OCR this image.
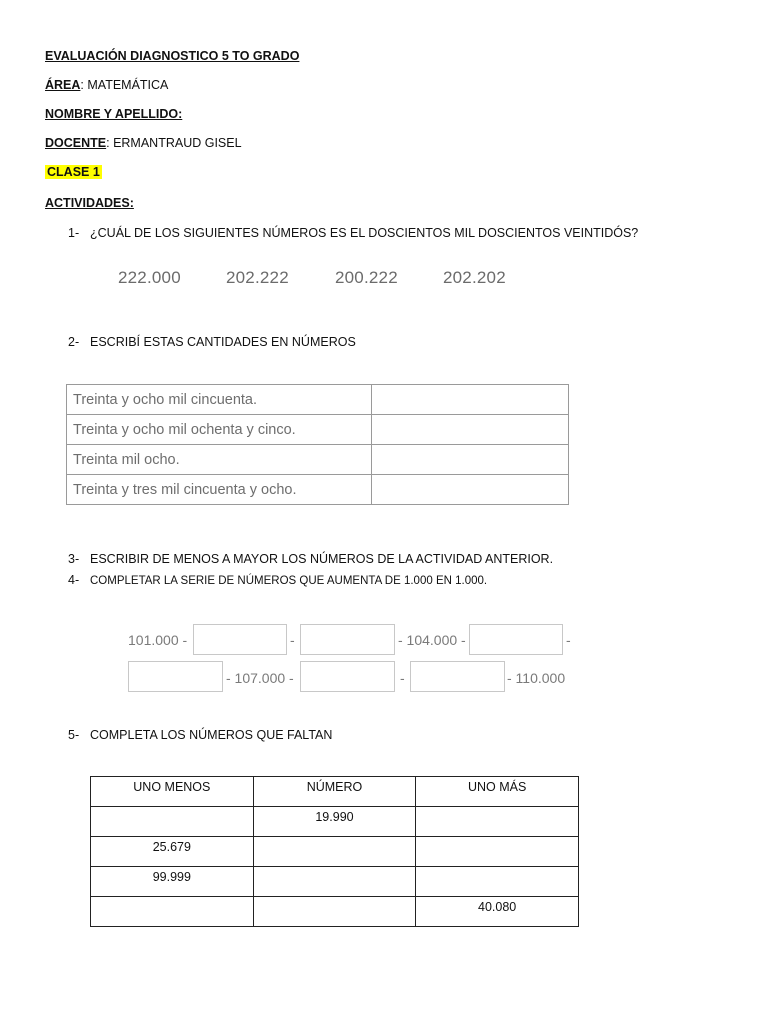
EVALUACIÓN DIAGNOSTICO 5 TO GRADO
ÁREA: MATEMÁTICA
NOMBRE Y APELLIDO:
DOCENTE: ERMANTRAUD GISEL
CLASE 1
ACTIVIDADES:
1- ¿CUÁL DE LOS SIGUIENTES NÚMEROS ES EL DOSCIENTOS MIL DOSCIENTOS VEINTIDÓS?
222.000	202.222	200.222	202.202
2- ESCRIBÍ ESTAS CANTIDADES EN NÚMEROS
Treinta y ocho mil cincuenta.	
Treinta y ocho mil ochenta y cinco.	
Treinta mil ocho.	
Treinta y tres mil cincuenta y ocho.	
3- ESCRIBIR DE MENOS A MAYOR LOS NÚMEROS DE LA ACTIVIDAD ANTERIOR.
4- COMPLETAR LA SERIE DE NÚMEROS QUE AUMENTA DE 1.000 EN 1.000.
101.000 -	-	- 104.000 -	-
- 107.000 -	-	- 110.000
5- COMPLETA LOS NÚMEROS QUE FALTAN
UNO MENOS	NÚMERO	UNO MÁS
	19.990	
25.679		
99.999		
		40.080
